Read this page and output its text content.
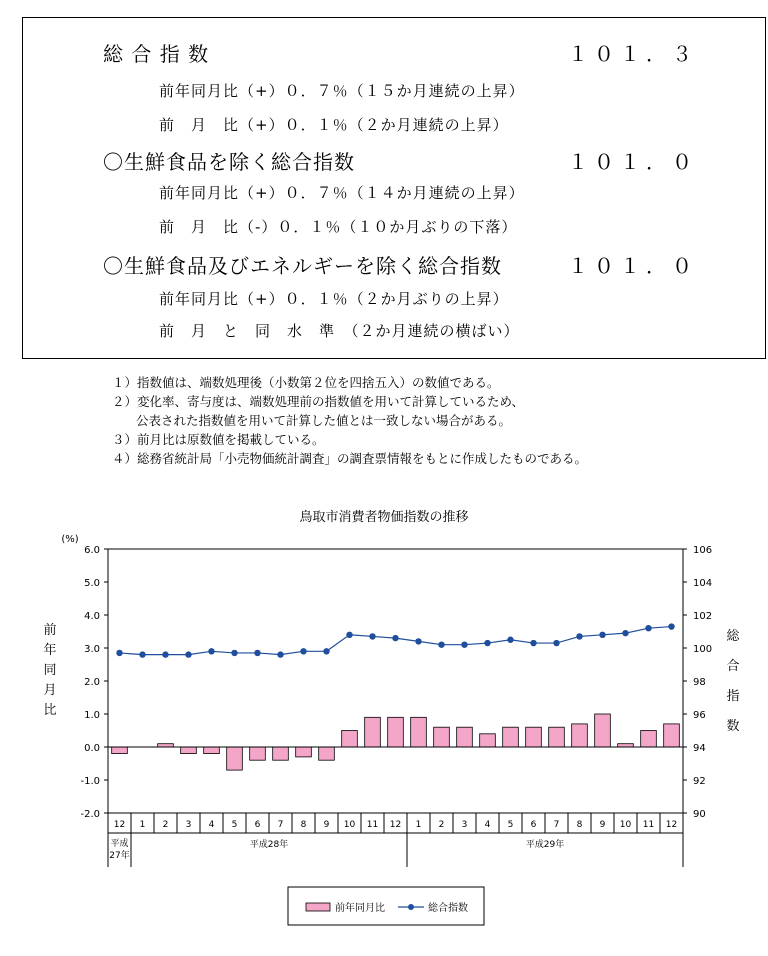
総 合 指 数	１０１．３
前年同月比（+）０．７％（１５か月連続の上昇）
前　月　比（+）０．１％（２か月連続の上昇）
〇生鮮食品を除く総合指数	１０１．０
前年同月比（+）０．７％（１４か月連続の上昇）
前　月　比（-）０．１％（１０か月ぶりの下落）
〇生鮮食品及びエネルギーを除く総合指数	１０１．０
前年同月比（+）０．１％（２か月ぶりの上昇）
前　月　と　同　水　準　（２か月連続の横ばい）
１）指数値は、端数処理後（小数第２位を四捨五入）の数値である。
２）変化率、寄与度は、端数処理前の指数値を用いて計算しているため、
公表された指数値を用いて計算した値とは一致しない場合がある。
３）前月比は原数値を掲載している。
４）総務省統計局「小売物価統計調査」の調査票情報をもとに作成したものである。
鳥取市消費者物価指数の推移
(%)
前
年
同
月
比
総
合
指
数
6.0
5.0
4.0
3.0
2.0
1.0
0.0
-1.0
-2.0
106
104
102
100
98
96
94
92
90
12 1 2 3 4 5 6 7 8 9 10 11 12 1 2 3 4 5 6 7 8 9 10 11 12
平成
27年
平成28年	平成29年
前年同月比	総合指数
